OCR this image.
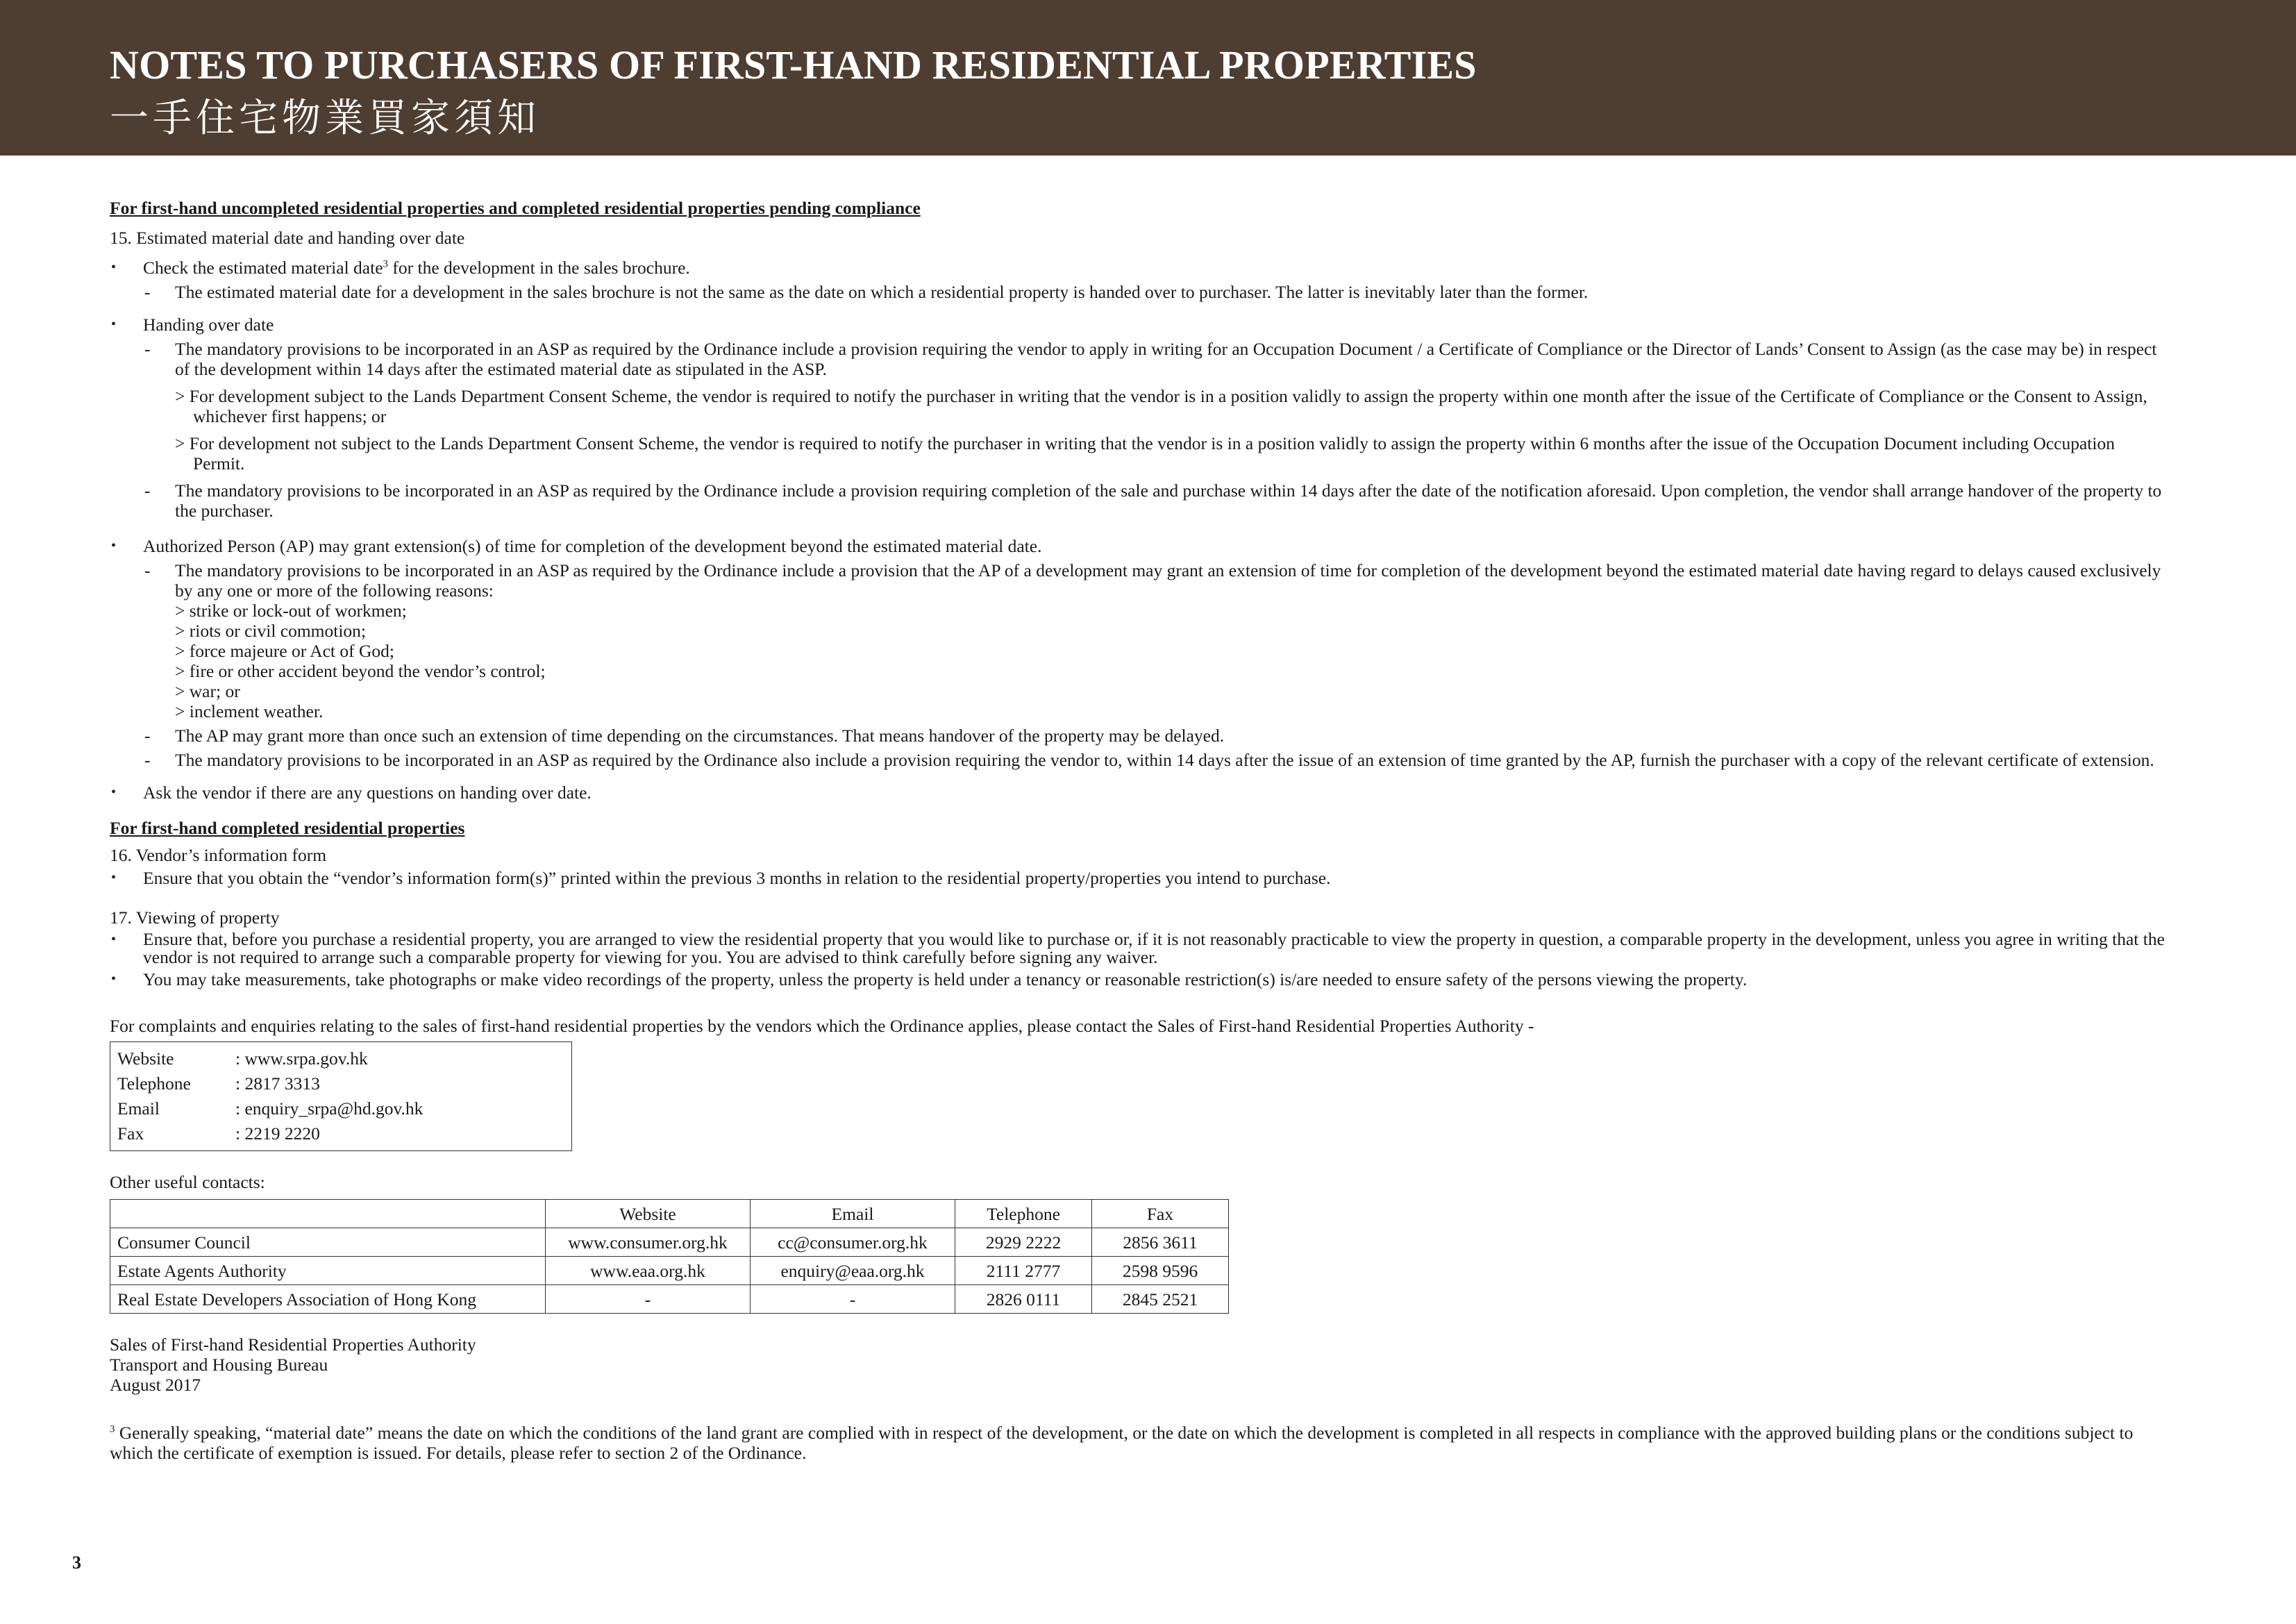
NOTES TO PURCHASERS OF FIRST-HAND RESIDENTIAL PROPERTIES
一手住宅物業買家須知

For first-hand uncompleted residential properties and completed residential properties pending compliance

15. Estimated material date and handing over date

• Check the estimated material date$^3$ for the development in the sales brochure.
- The estimated material date for a development in the sales brochure is not the same as the date on which a residential property is handed over to purchaser. The latter is inevitably later than the former.
• Handing over date
- The mandatory provisions to be incorporated in an ASP as required by the Ordinance include a provision requiring the vendor to apply in writing for an Occupation Document / a Certificate of Compliance or the Director of Lands’ Consent to Assign (as the case may be) in respect of the development within 14 days after the estimated material date as stipulated in the ASP.
> For development subject to the Lands Department Consent Scheme, the vendor is required to notify the purchaser in writing that the vendor is in a position validly to assign the property within one month after the issue of the Certificate of Compliance or the Consent to Assign, whichever first happens; or
> For development not subject to the Lands Department Consent Scheme, the vendor is required to notify the purchaser in writing that the vendor is in a position validly to assign the property within 6 months after the issue of the Occupation Document including Occupation Permit.
- The mandatory provisions to be incorporated in an ASP as required by the Ordinance include a provision requiring completion of the sale and purchase within 14 days after the date of the notification aforesaid. Upon completion, the vendor shall arrange handover of the property to the purchaser.
• Authorized Person (AP) may grant extension(s) of time for completion of the development beyond the estimated material date.
- The mandatory provisions to be incorporated in an ASP as required by the Ordinance include a provision that the AP of a development may grant an extension of time for completion of the development beyond the estimated material date having regard to delays caused exclusively by any one or more of the following reasons:
> strike or lock-out of workmen;
> riots or civil commotion;
> force majeure or Act of God;
> fire or other accident beyond the vendor’s control;
> war; or
> inclement weather.
- The AP may grant more than once such an extension of time depending on the circumstances. That means handover of the property may be delayed.
- The mandatory provisions to be incorporated in an ASP as required by the Ordinance also include a provision requiring the vendor to, within 14 days after the issue of an extension of time granted by the AP, furnish the purchaser with a copy of the relevant certificate of extension.
• Ask the vendor if there are any questions on handing over date.

For first-hand completed residential properties

16. Vendor’s information form

• Ensure that you obtain the “vendor’s information form(s)” printed within the previous 3 months in relation to the residential property/properties you intend to purchase.

17. Viewing of property

• Ensure that, before you purchase a residential property, you are arranged to view the residential property that you would like to purchase or, if it is not reasonably practicable to view the property in question, a comparable property in the development, unless you agree in writing that the vendor is not required to arrange such a comparable property for viewing for you. You are advised to think carefully before signing any waiver.
• You may take measurements, take photographs or make video recordings of the property, unless the property is held under a tenancy or reasonable restriction(s) is/are needed to ensure safety of the persons viewing the property.

For complaints and enquiries relating to the sales of first-hand residential properties by the vendors which the Ordinance applies, please contact the Sales of First-hand Residential Properties Authority -

Website	: www.srpa.gov.hk
Telephone	: 2817 3313
Email	: enquiry_srpa@hd.gov.hk
Fax	: 2219 2220

Other useful contacts:

	Website	Email	Telephone	Fax
Consumer Council	www.consumer.org.hk	cc@consumer.org.hk	2929 2222	2856 3611
Estate Agents Authority	www.eaa.org.hk	enquiry@eaa.org.hk	2111 2777	2598 9596
Real Estate Developers Association of Hong Kong	-	-	2826 0111	2845 2521
Sales of First-hand Residential Properties Authority
Transport and Housing Bureau
August 2017
$^3$ Generally speaking, “material date” means the date on which the conditions of the land grant are complied with in respect of the development, or the date on which the development is completed in all respects in compliance with the approved building plans or the conditions subject to which the certificate of exemption is issued. For details, please refer to section 2 of the Ordinance.
3
